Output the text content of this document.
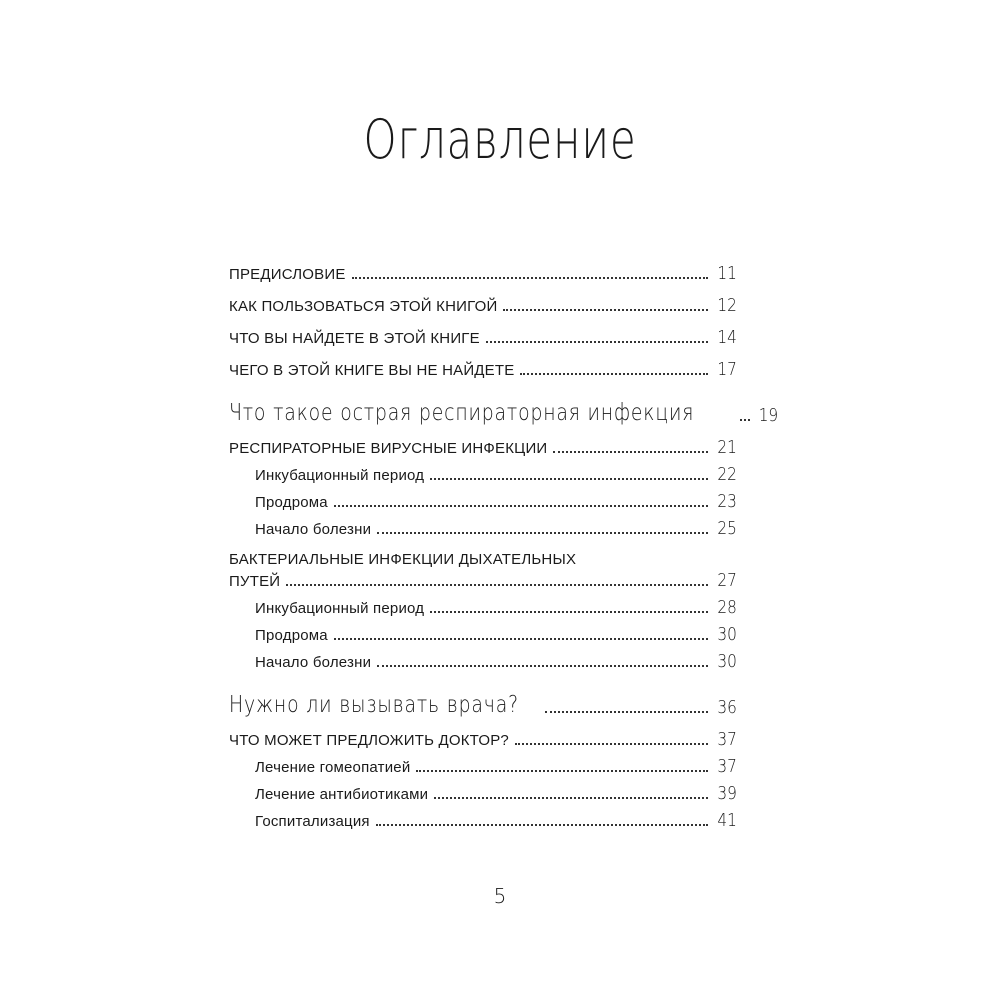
Оглавление
ПРЕДИСЛОВИЕ	11
КАК ПОЛЬЗОВАТЬСЯ ЭТОЙ КНИГОЙ	12
ЧТО ВЫ НАЙДЕТЕ В ЭТОЙ КНИГЕ	14
ЧЕГО В ЭТОЙ КНИГЕ ВЫ НЕ НАЙДЕТЕ	17
Что такое острая респираторная инфекция	19
РЕСПИРАТОРНЫЕ ВИРУСНЫЕ ИНФЕКЦИИ	21
Инкубационный период	22
Продрома	23
Начало болезни	25
БАКТЕРИАЛЬНЫЕ ИНФЕКЦИИ ДЫХАТЕЛЬНЫХ
ПУТЕЙ	27
Инкубационный период	28
Продрома	30
Начало болезни	30
Нужно ли вызывать врача?	36
ЧТО МОЖЕТ ПРЕДЛОЖИТЬ ДОКТОР?	37
Лечение гомеопатией	37
Лечение антибиотиками	39
Госпитализация	41
5
